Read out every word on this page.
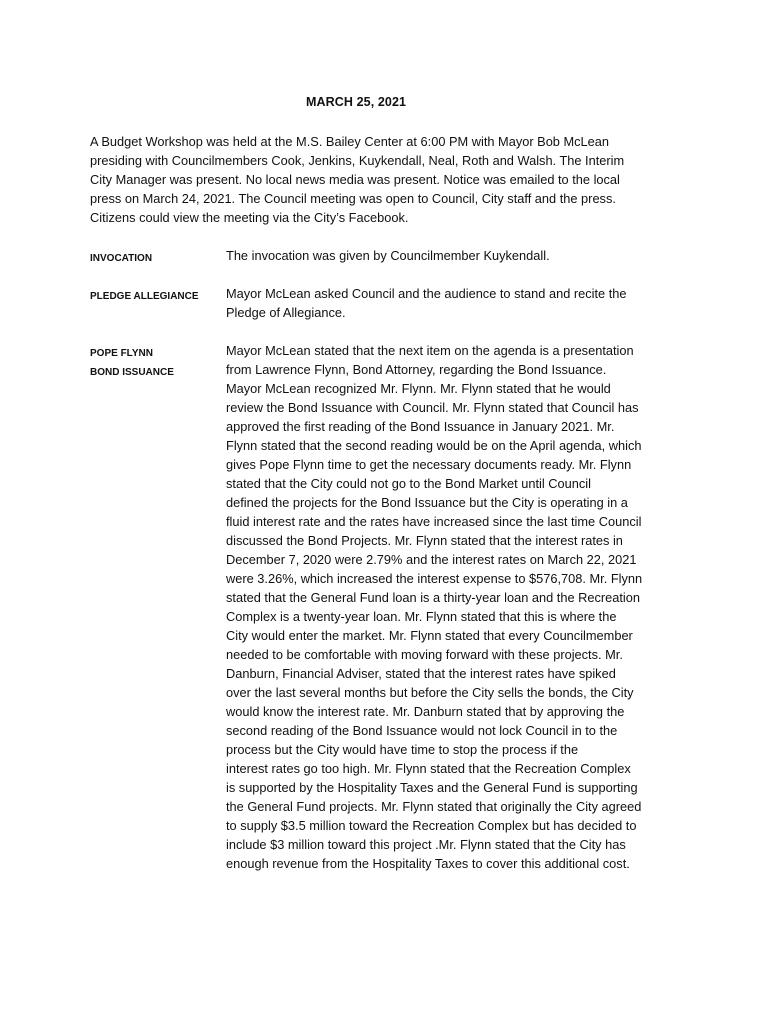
MARCH 25, 2021
A Budget Workshop was held at the M.S. Bailey Center at 6:00 PM with Mayor Bob McLean
presiding with Councilmembers Cook, Jenkins, Kuykendall, Neal, Roth and Walsh. The Interim
City Manager was present. No local news media was present. Notice was emailed to the local
press on March 24, 2021. The Council meeting was open to Council, City staff and the press.
Citizens could view the meeting via the City’s Facebook.
INVOCATION	The invocation was given by Councilmember Kuykendall.
PLEDGE ALLEGIANCE	Mayor McLean asked Council and the audience to stand and recite the
Pledge of Allegiance.
POPE FLYNN
BOND ISSUANCE
Mayor McLean stated that the next item on the agenda is a presentation
from Lawrence Flynn, Bond Attorney, regarding the Bond Issuance.
Mayor McLean recognized Mr. Flynn. Mr. Flynn stated that he would
review the Bond Issuance with Council. Mr. Flynn stated that Council has
approved the first reading of the Bond Issuance in January 2021. Mr.
Flynn stated that the second reading would be on the April agenda, which
gives Pope Flynn time to get the necessary documents ready. Mr. Flynn
stated that the City could not go to the Bond Market until Council
defined the projects for the Bond Issuance but the City is operating in a
fluid interest rate and the rates have increased since the last time Council
discussed the Bond Projects. Mr. Flynn stated that the interest rates in
December 7, 2020 were 2.79% and the interest rates on March 22, 2021
were 3.26%, which increased the interest expense to $576,708. Mr. Flynn
stated that the General Fund loan is a thirty-year loan and the Recreation
Complex is a twenty-year loan. Mr. Flynn stated that this is where the
City would enter the market. Mr. Flynn stated that every Councilmember
needed to be comfortable with moving forward with these projects. Mr.
Danburn, Financial Adviser, stated that the interest rates have spiked
over the last several months but before the City sells the bonds, the City
would know the interest rate. Mr. Danburn stated that by approving the
second reading of the Bond Issuance would not lock Council in to the
process but the City would have time to stop the process if the
interest rates go too high. Mr. Flynn stated that the Recreation Complex
is supported by the Hospitality Taxes and the General Fund is supporting
the General Fund projects. Mr. Flynn stated that originally the City agreed
to supply $3.5 million toward the Recreation Complex but has decided to
include $3 million toward this project .Mr. Flynn stated that the City has
enough revenue from the Hospitality Taxes to cover this additional cost.
